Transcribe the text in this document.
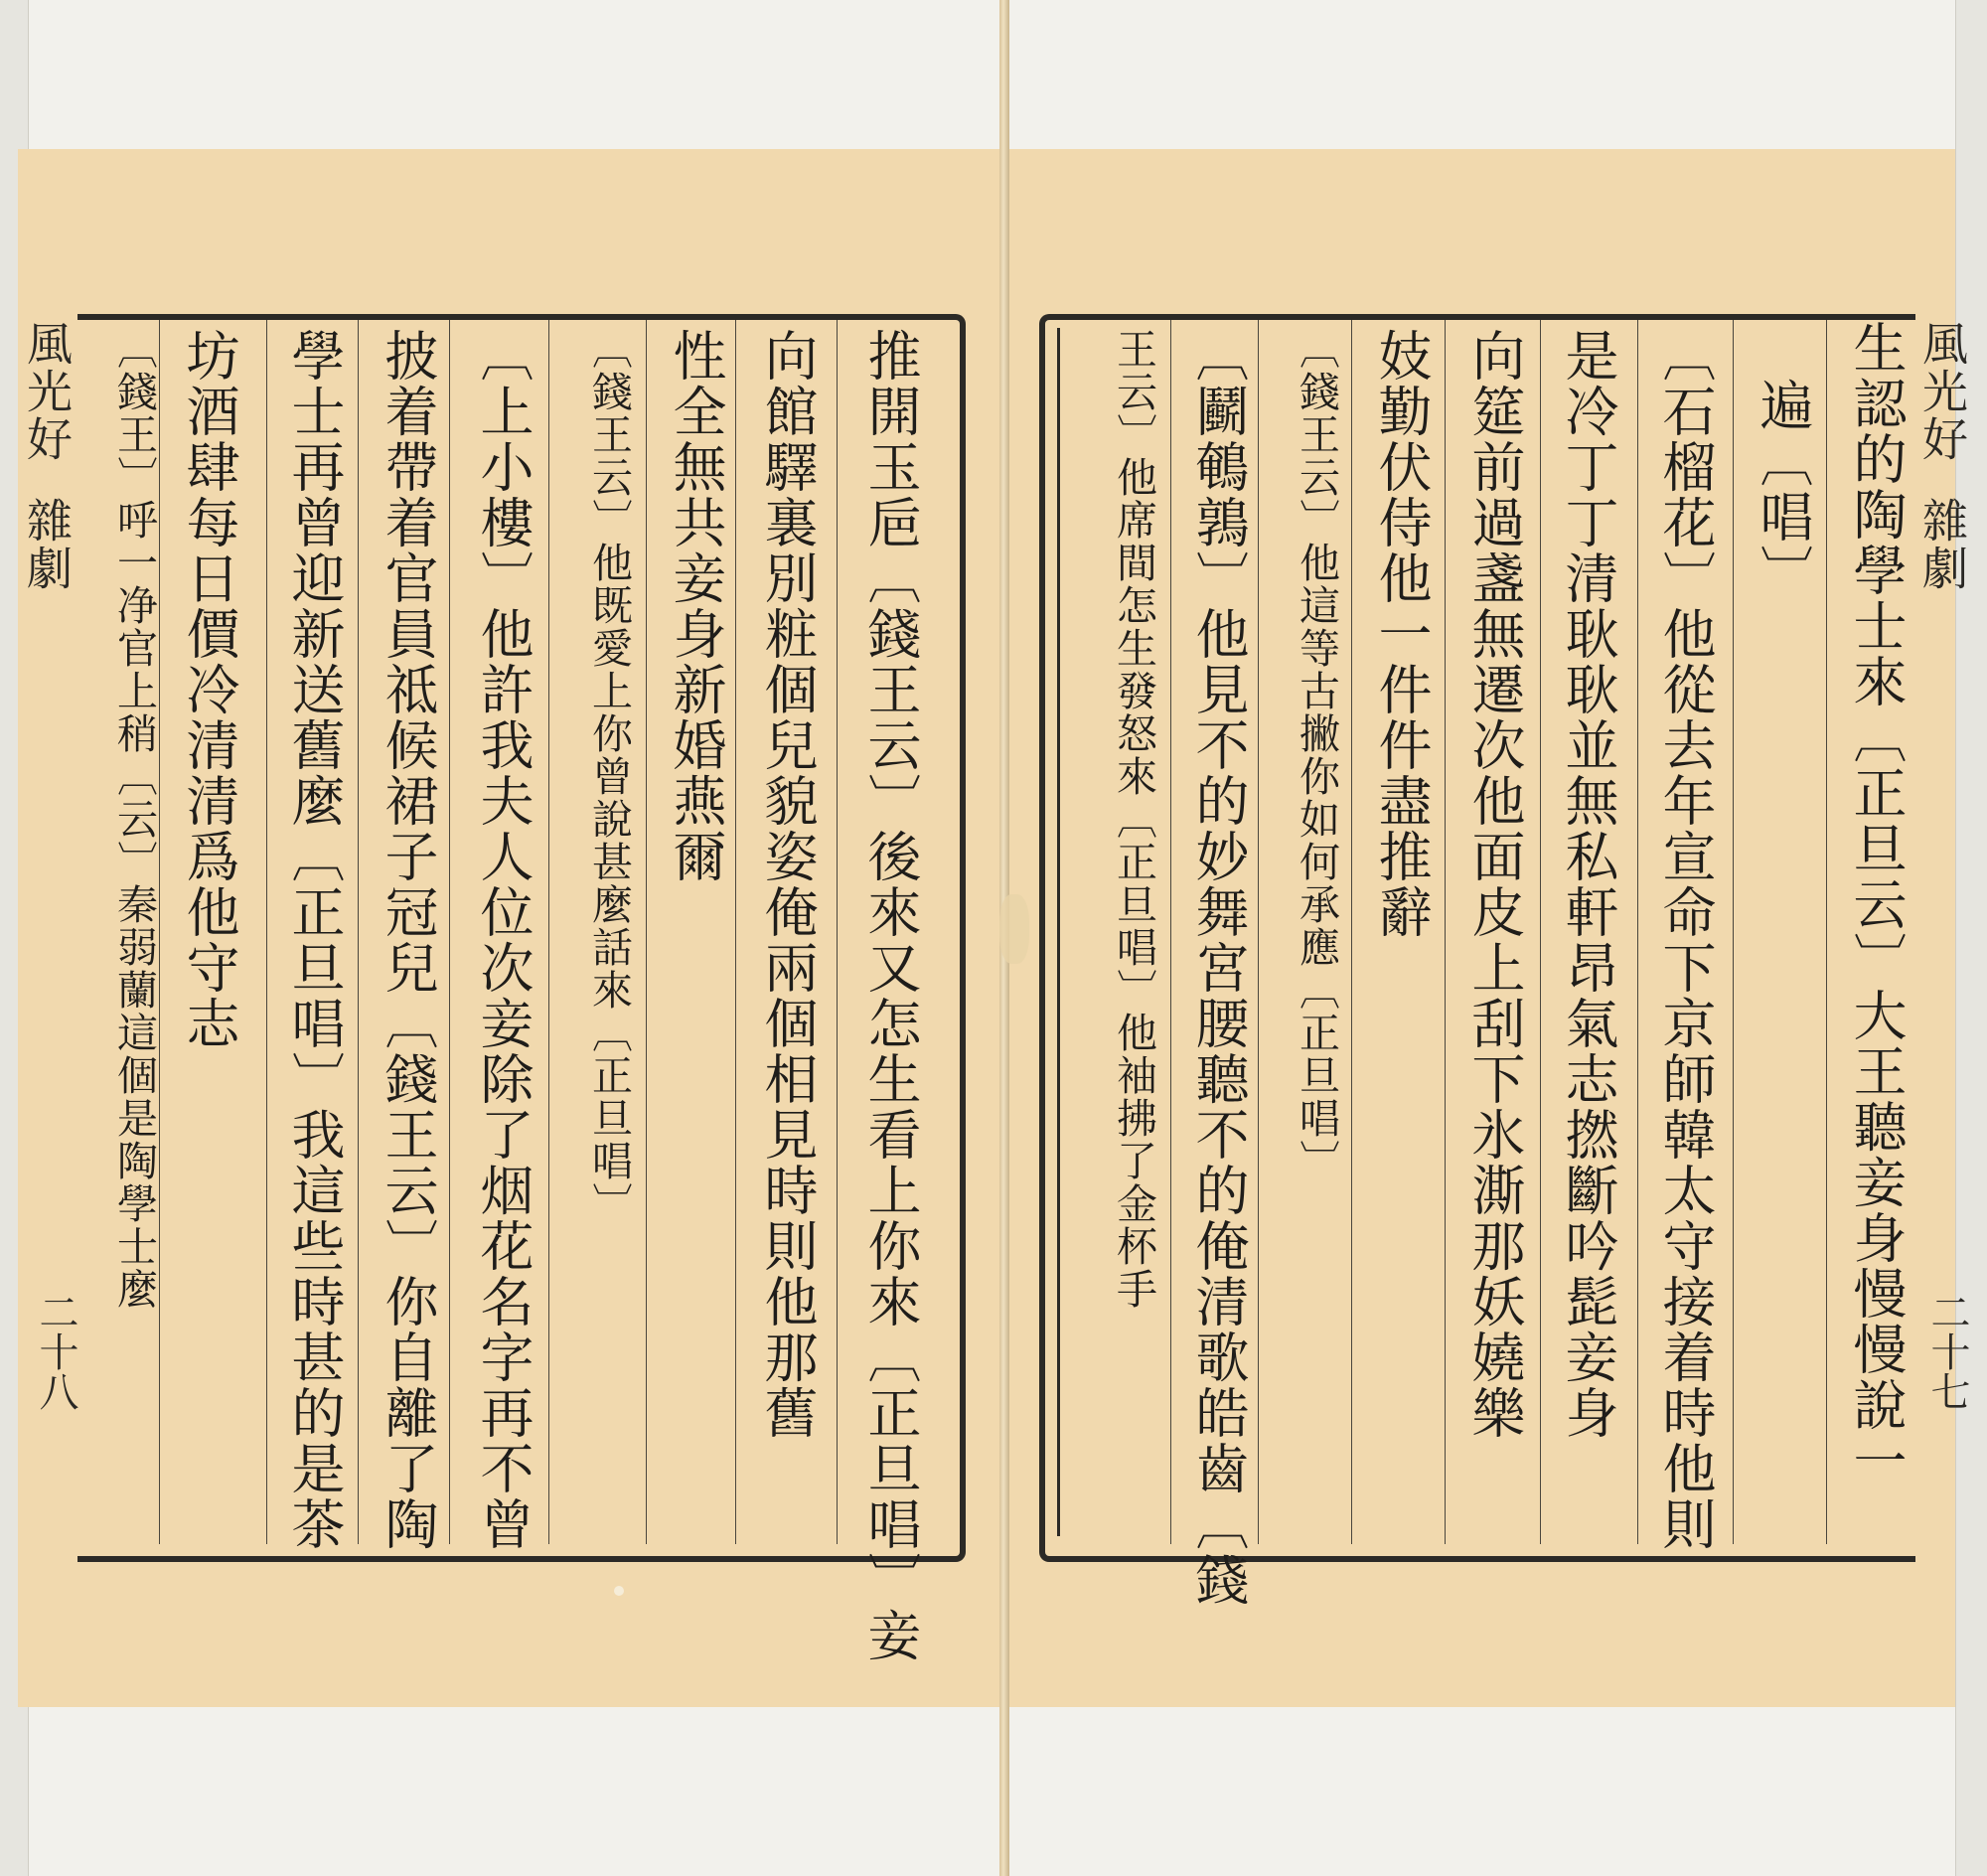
風光好
雜劇
二十八	推開玉巵〔錢王云〕後來又怎生看上你來〔正旦唱〕妾
向館驛裏別粧個兒貌姿俺兩個相見時則他那舊
性全無共妾身新婚燕爾
〔錢王云〕他既愛上你曾說甚麼話來〔正旦唱〕
〔上小樓〕他許我夫人位次妾除了烟花名字再不曾
披着帶着官員祗候裙子冠兒〔錢王云〕你自離了陶
學士再曾迎新送舊麼〔正旦唱〕我這些時甚的是茶
坊酒肆每日價冷清清爲他守志
〔錢王〕呼一净官上稍〔云〕秦弱蘭這個是陶學士麼	生認的陶學士來〔正旦云〕大王聽妾身慢慢說一
遍〔唱〕
〔石榴花〕他從去年宣命下京師韓太守接着時他則
是冷丁丁清耿耿並無私軒昂氣志撚斷吟髭妾身
向筵前過盞無遷次他面皮上刮下氷澌那妖嬈樂
妓勤伏侍他一件件盡推辭
〔錢王云〕他這等古撇你如何承應〔正旦唱〕
〔鬬鵪鶉〕他見不的妙舞宮腰聽不的俺清歌皓齒〔錢
王云〕他席間怎生發怒來〔正旦唱〕他袖拂了金杯手	風光好
雜劇
二十七
